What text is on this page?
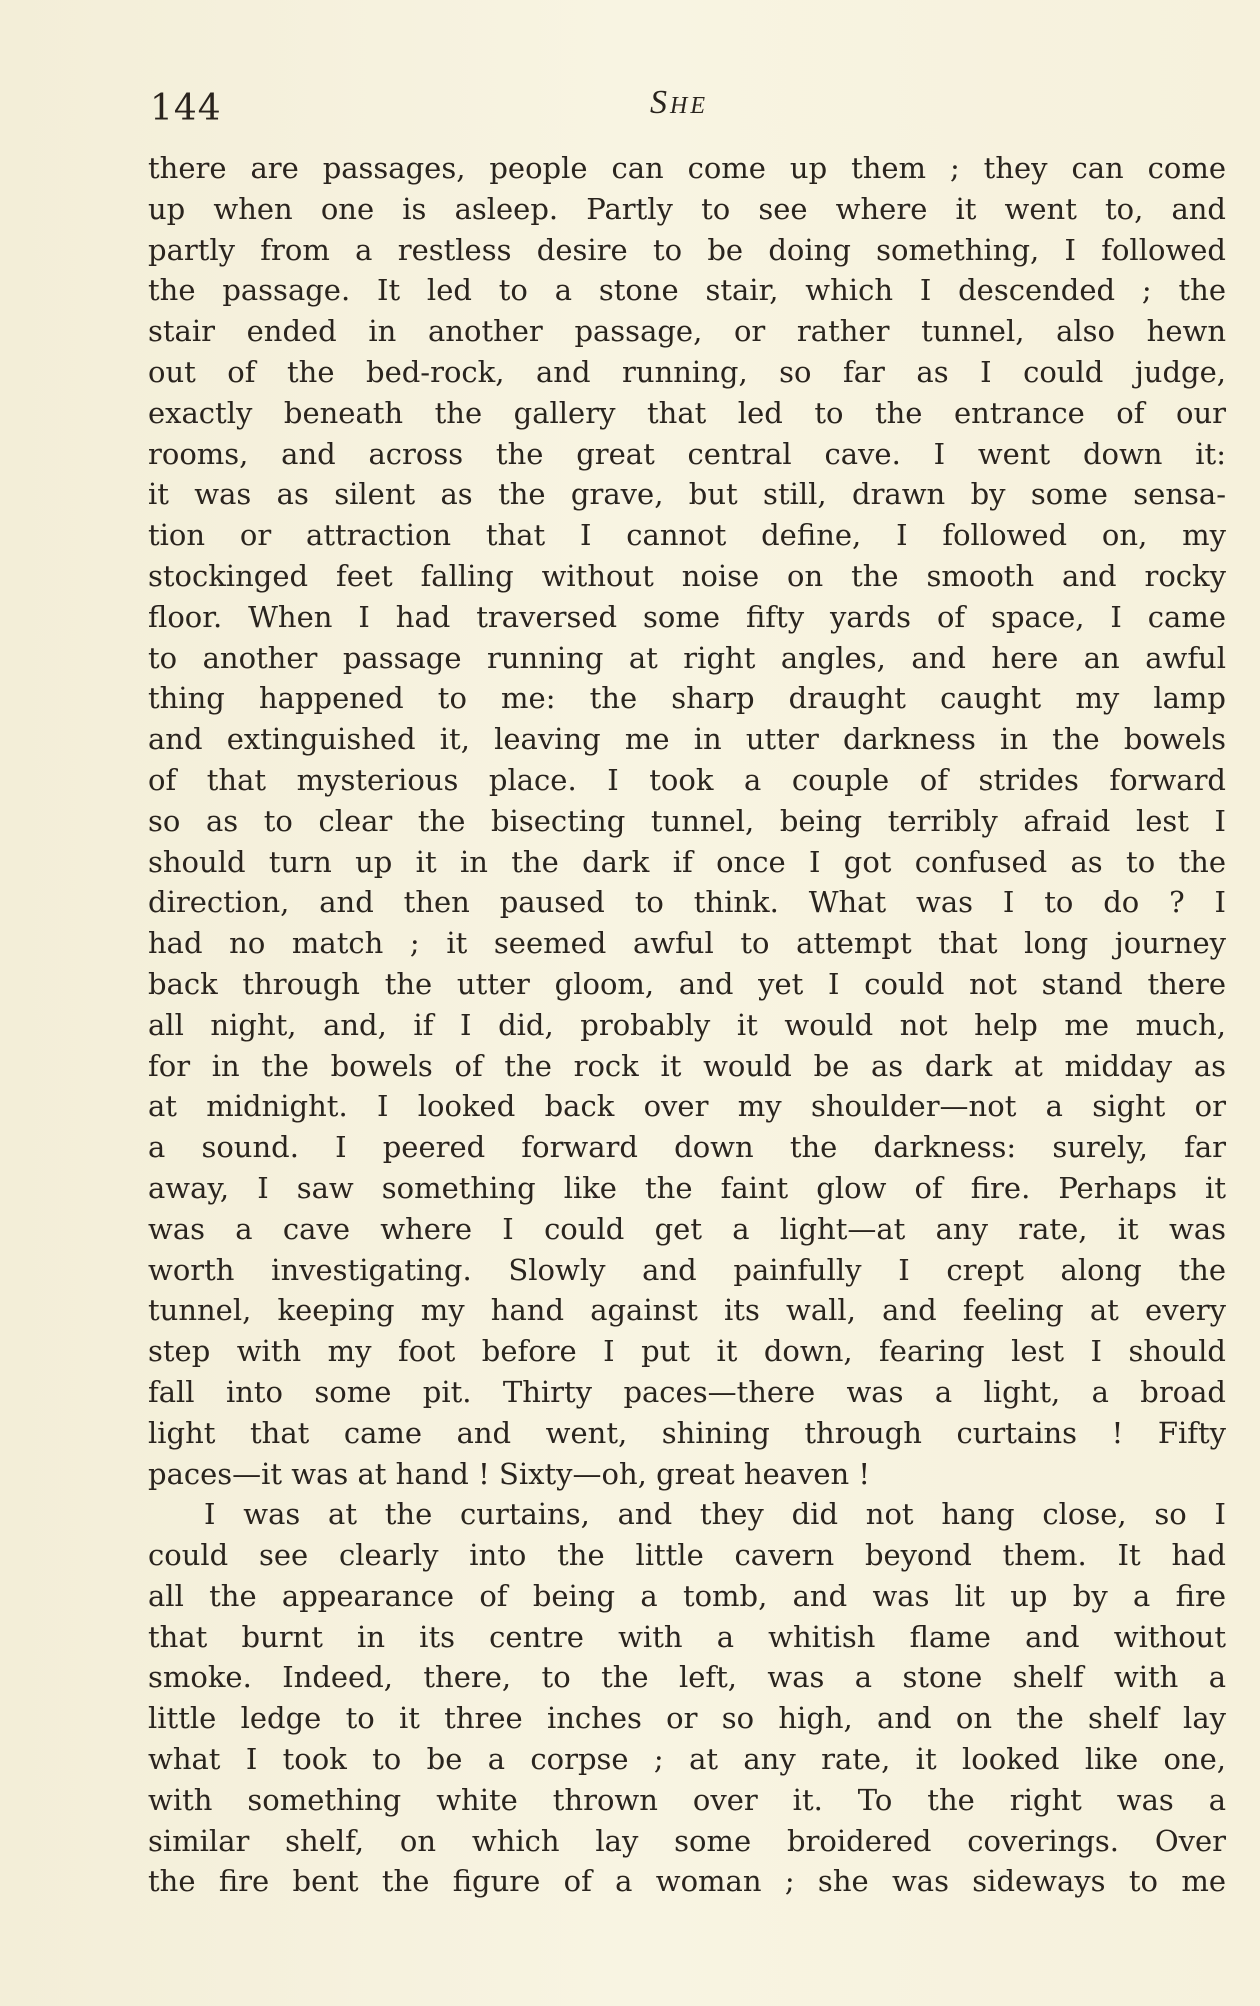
144	She
there are passages, people can come up them ; they can come
up when one is asleep. Partly to see where it went to, and
partly from a restless desire to be doing something, I followed
the passage. It led to a stone stair, which I descended ; the
stair ended in another passage, or rather tunnel, also hewn
out of the bed-rock, and running, so far as I could judge,
exactly beneath the gallery that led to the entrance of our
rooms, and across the great central cave. I went down it:
it was as silent as the grave, but still, drawn by some sensa-
tion or attraction that I cannot define, I followed on, my
stockinged feet falling without noise on the smooth and rocky
floor. When I had traversed some fifty yards of space, I came
to another passage running at right angles, and here an awful
thing happened to me: the sharp draught caught my lamp
and extinguished it, leaving me in utter darkness in the bowels
of that mysterious place. I took a couple of strides forward
so as to clear the bisecting tunnel, being terribly afraid lest I
should turn up it in the dark if once I got confused as to the
direction, and then paused to think. What was I to do ? I
had no match ; it seemed awful to attempt that long journey
back through the utter gloom, and yet I could not stand there
all night, and, if I did, probably it would not help me much,
for in the bowels of the rock it would be as dark at midday as
at midnight. I looked back over my shoulder—not a sight or
a sound. I peered forward down the darkness: surely, far
away, I saw something like the faint glow of fire. Perhaps it
was a cave where I could get a light—at any rate, it was
worth investigating. Slowly and painfully I crept along the
tunnel, keeping my hand against its wall, and feeling at every
step with my foot before I put it down, fearing lest I should
fall into some pit. Thirty paces—there was a light, a broad
light that came and went, shining through curtains ! Fifty
paces—it was at hand ! Sixty—oh, great heaven !
I was at the curtains, and they did not hang close, so I
could see clearly into the little cavern beyond them. It had
all the appearance of being a tomb, and was lit up by a fire
that burnt in its centre with a whitish flame and without
smoke. Indeed, there, to the left, was a stone shelf with a
little ledge to it three inches or so high, and on the shelf lay
what I took to be a corpse ; at any rate, it looked like one,
with something white thrown over it. To the right was a
similar shelf, on which lay some broidered coverings. Over
the fire bent the figure of a woman ; she was sideways to me
